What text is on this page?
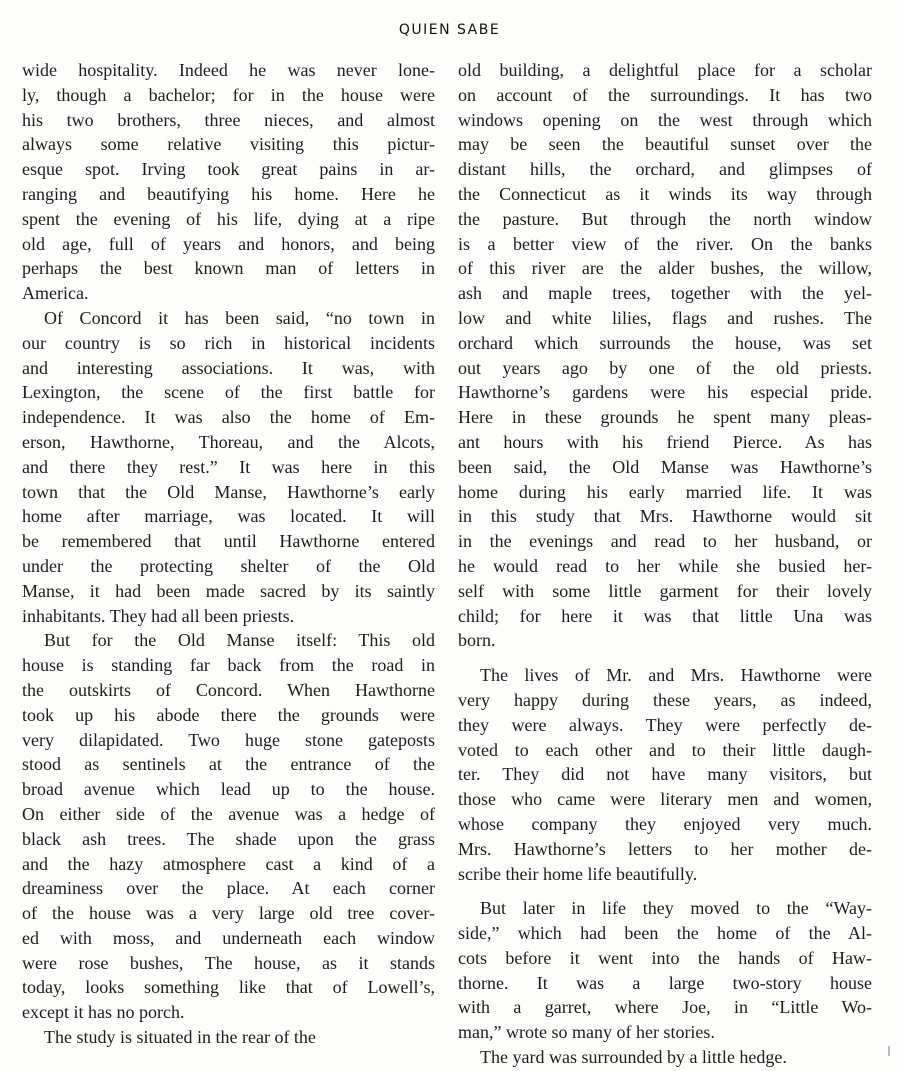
QUIEN SABE
wide hospitality. Indeed he was never lone-
ly, though a bachelor; for in the house were
his two brothers, three nieces, and almost
always some relative visiting this pictur-
esque spot. Irving took great pains in ar-
ranging and beautifying his home. Here he
spent the evening of his life, dying at a ripe
old age, full of years and honors, and being
perhaps the best known man of letters in
America.
Of Concord it has been said, “no town in
our country is so rich in historical incidents
and interesting associations. It was, with
Lexington, the scene of the first battle for
independence. It was also the home of Em-
erson, Hawthorne, Thoreau, and the Alcots,
and there they rest.” It was here in this
town that the Old Manse, Hawthorne’s early
home after marriage, was located. It will
be remembered that until Hawthorne entered
under the protecting shelter of the Old
Manse, it had been made sacred by its saintly
inhabitants. They had all been priests.
But for the Old Manse itself: This old
house is standing far back from the road in
the outskirts of Concord. When Hawthorne
took up his abode there the grounds were
very dilapidated. Two huge stone gateposts
stood as sentinels at the entrance of the
broad avenue which lead up to the house.
On either side of the avenue was a hedge of
black ash trees. The shade upon the grass
and the hazy atmosphere cast a kind of a
dreaminess over the place. At each corner
of the house was a very large old tree cover-
ed with moss, and underneath each window
were rose bushes, The house, as it stands
today, looks something like that of Lowell’s,
except it has no porch.
The study is situated in the rear of the
old building, a delightful place for a scholar
on account of the surroundings. It has two
windows opening on the west through which
may be seen the beautiful sunset over the
distant hills, the orchard, and glimpses of
the Connecticut as it winds its way through
the pasture. But through the north window
is a better view of the river. On the banks
of this river are the alder bushes, the willow,
ash and maple trees, together with the yel-
low and white lilies, flags and rushes. The
orchard which surrounds the house, was set
out years ago by one of the old priests.
Hawthorne’s gardens were his especial pride.
Here in these grounds he spent many pleas-
ant hours with his friend Pierce. As has
been said, the Old Manse was Hawthorne’s
home during his early married life. It was
in this study that Mrs. Hawthorne would sit
in the evenings and read to her husband, or
he would read to her while she busied her-
self with some little garment for their lovely
child; for here it was that little Una was
born.
The lives of Mr. and Mrs. Hawthorne were
very happy during these years, as indeed,
they were always. They were perfectly de-
voted to each other and to their little daugh-
ter. They did not have many visitors, but
those who came were literary men and women,
whose company they enjoyed very much.
Mrs. Hawthorne’s letters to her mother de-
scribe their home life beautifully.
But later in life they moved to the “Way-
side,” which had been the home of the Al-
cots before it went into the hands of Haw-
thorne. It was a large two-story house
with a garret, where Joe, in “Little Wo-
man,” wrote so many of her stories.
The yard was surrounded by a little hedge.
